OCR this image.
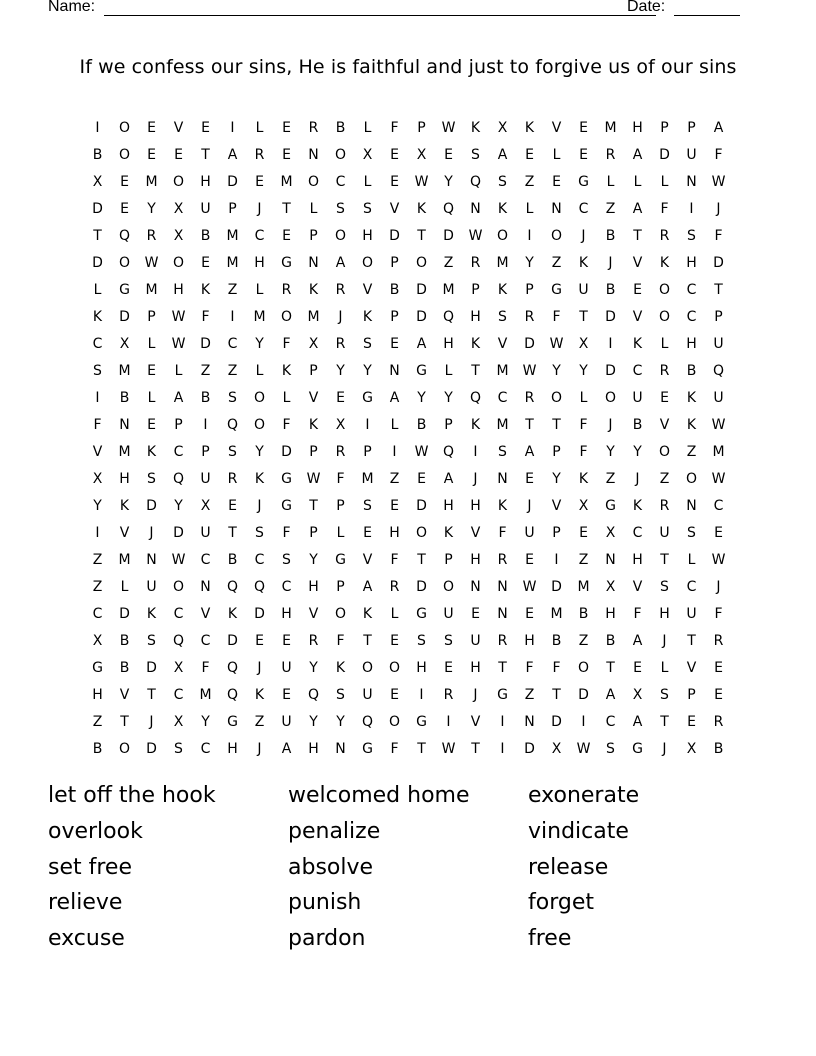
Name:	Date:
If we confess our sins, He is faithful and just to forgive us of our sins
I	O	E	V	E	I	L	E	R	B	L	F	P	W	K	X	K	V	E	M	H	P	P	A
B	O	E	E	T	A	R	E	N	O	X	E	X	E	S	A	E	L	E	R	A	D	U	F
X	E	M	O	H	D	E	M	O	C	L	E	W	Y	Q	S	Z	E	G	L	L	L	N	W
D	E	Y	X	U	P	J	T	L	S	S	V	K	Q	N	K	L	N	C	Z	A	F	I	J
T	Q	R	X	B	M	C	E	P	O	H	D	T	D	W	O	I	O	J	B	T	R	S	F
D	O	W	O	E	M	H	G	N	A	O	P	O	Z	R	M	Y	Z	K	J	V	K	H	D
L	G	M	H	K	Z	L	R	K	R	V	B	D	M	P	K	P	G	U	B	E	O	C	T
K	D	P	W	F	I	M	O	M	J	K	P	D	Q	H	S	R	F	T	D	V	O	C	P
C	X	L	W	D	C	Y	F	X	R	S	E	A	H	K	V	D	W	X	I	K	L	H	U
S	M	E	L	Z	Z	L	K	P	Y	Y	N	G	L	T	M	W	Y	Y	D	C	R	B	Q
I	B	L	A	B	S	O	L	V	E	G	A	Y	Y	Q	C	R	O	L	O	U	E	K	U
F	N	E	P	I	Q	O	F	K	X	I	L	B	P	K	M	T	T	F	J	B	V	K	W
V	M	K	C	P	S	Y	D	P	R	P	I	W	Q	I	S	A	P	F	Y	Y	O	Z	M
X	H	S	Q	U	R	K	G	W	F	M	Z	E	A	J	N	E	Y	K	Z	J	Z	O	W
Y	K	D	Y	X	E	J	G	T	P	S	E	D	H	H	K	J	V	X	G	K	R	N	C
I	V	J	D	U	T	S	F	P	L	E	H	O	K	V	F	U	P	E	X	C	U	S	E
Z	M	N	W	C	B	C	S	Y	G	V	F	T	P	H	R	E	I	Z	N	H	T	L	W
Z	L	U	O	N	Q	Q	C	H	P	A	R	D	O	N	N	W	D	M	X	V	S	C	J
C	D	K	C	V	K	D	H	V	O	K	L	G	U	E	N	E	M	B	H	F	H	U	F
X	B	S	Q	C	D	E	E	R	F	T	E	S	S	U	R	H	B	Z	B	A	J	T	R
G	B	D	X	F	Q	J	U	Y	K	O	O	H	E	H	T	F	F	O	T	E	L	V	E
H	V	T	C	M	Q	K	E	Q	S	U	E	I	R	J	G	Z	T	D	A	X	S	P	E
Z	T	J	X	Y	G	Z	U	Y	Y	Q	O	G	I	V	I	N	D	I	C	A	T	E	R
B	O	D	S	C	H	J	A	H	N	G	F	T	W	T	I	D	X	W	S	G	J	X	B
let off the hook	welcomed home	exonerate
overlook	penalize	vindicate
set free	absolve	release
relieve	punish	forget
excuse	pardon	free
